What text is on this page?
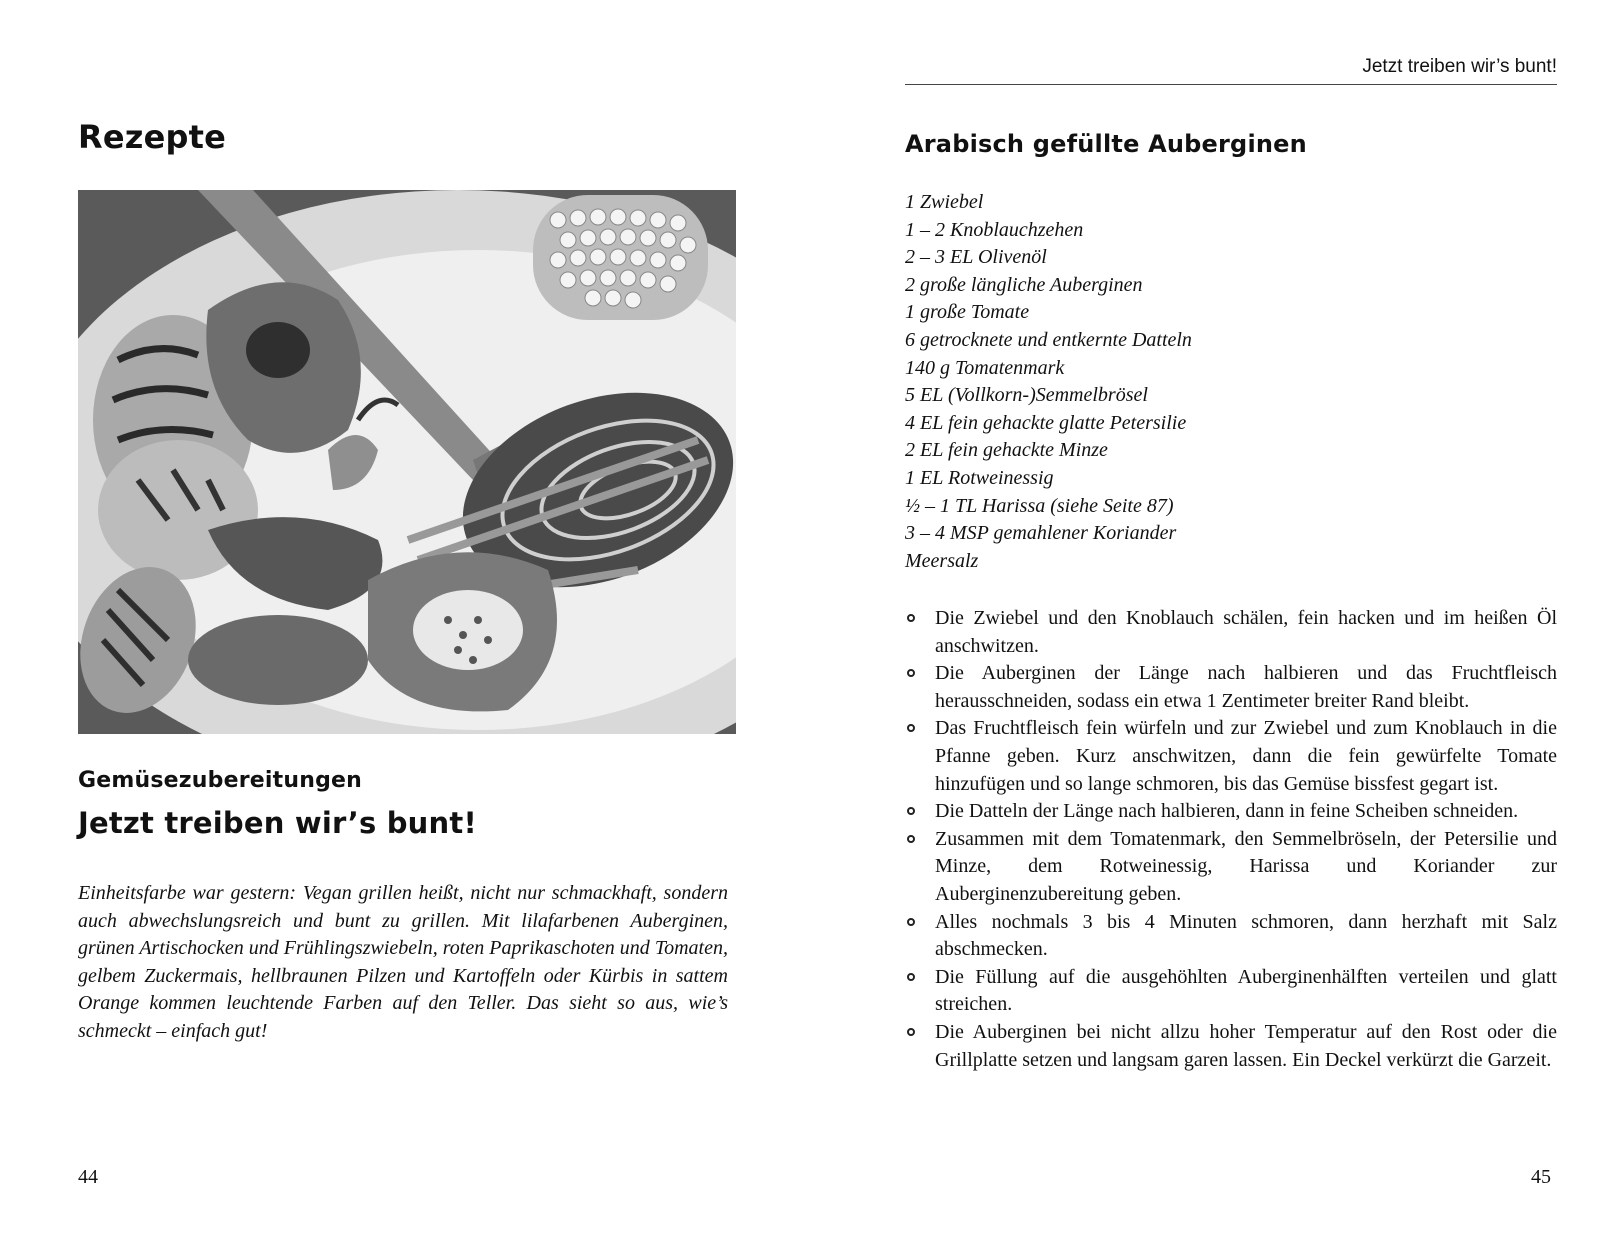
Rezepte
Gemüsezubereitungen
Jetzt treiben wir’s bunt!

Einheitsfarbe war gestern: Vegan grillen heißt, nicht nur schmackhaft, sondern auch abwechslungsreich und bunt zu grillen. Mit lilafarbenen Auberginen, grünen Artischocken und Frühlingszwiebeln, roten Paprikaschoten und Tomaten, gelbem Zuckermais, hellbraunen Pilzen und Kartoffeln oder Kürbis in sattem Orange kommen leuchtende Farben auf den Teller. Das sieht so aus, wie’s schmeckt – einfach gut!

44
Jetzt treiben wir’s bunt!
Arabisch gefüllte Auberginen
1 Zwiebel
1 – 2 Knoblauchzehen
2 – 3 EL Olivenöl
2 große längliche Auberginen
1 große Tomate
6 getrocknete und entkernte Datteln
140 g Tomatenmark
5 EL (Vollkorn-)Semmelbrösel
4 EL fein gehackte glatte Petersilie
2 EL fein gehackte Minze
1 EL Rotweinessig
½ – 1 TL Harissa (siehe Seite 87)
3 – 4 MSP gemahlener Koriander
Meersalz
Die Zwiebel und den Knoblauch schälen, fein hacken und im heißen Öl anschwitzen.
Die Auberginen der Länge nach halbieren und das Fruchtfleisch herausschneiden, sodass ein etwa 1 Zentimeter breiter Rand bleibt.
Das Fruchtfleisch fein würfeln und zur Zwiebel und zum Knoblauch in die Pfanne geben. Kurz anschwitzen, dann die fein gewürfelte Tomate hinzufügen und so lange schmoren, bis das Gemüse bissfest gegart ist.
Die Datteln der Länge nach halbieren, dann in feine Scheiben schneiden.
Zusammen mit dem Tomatenmark, den Semmelbröseln, der Petersilie und Minze, dem Rotweinessig, Harissa und Koriander zur Auberginenzubereitung geben.
Alles nochmals 3 bis 4 Minuten schmoren, dann herzhaft mit Salz abschmecken.
Die Füllung auf die ausgehöhlten Auberginenhälften verteilen und glatt streichen.
Die Auberginen bei nicht allzu hoher Temperatur auf den Rost oder die Grillplatte setzen und langsam garen lassen. Ein Deckel verkürzt die Garzeit.
45
